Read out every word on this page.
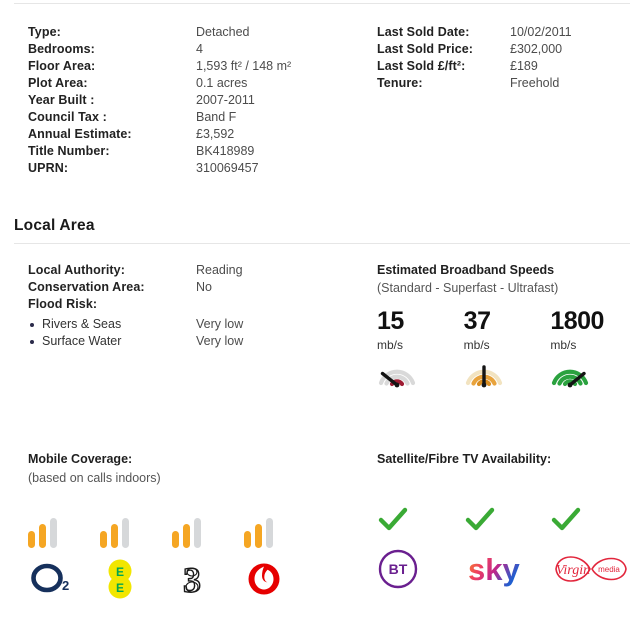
Type:	Detached
Bedrooms:	4
Floor Area:	1,593 ft² / 148 m²
Plot Area:	0.1 acres
Year Built :	2007-2011
Council Tax :	Band F
Annual Estimate:	£3,592
Title Number:	BK418989
UPRN:	310069457
Last Sold Date:	10/02/2011
Last Sold Price:	£302,000
Last Sold £/ft²:	£189
Tenure:	Freehold
Local Area
Local Authority:	Reading
Conservation Area:	No
Flood Risk:
Rivers & Seas	Very low
Surface Water	Very low
Estimated Broadband Speeds
(Standard - Superfast - Ultrafast)
15
mb/s
37
mb/s
1800
mb/s
Mobile Coverage:
(based on calls indoors)
2
E
E 3
Satellite/Fibre TV Availability:
BT sky	Virgin media
